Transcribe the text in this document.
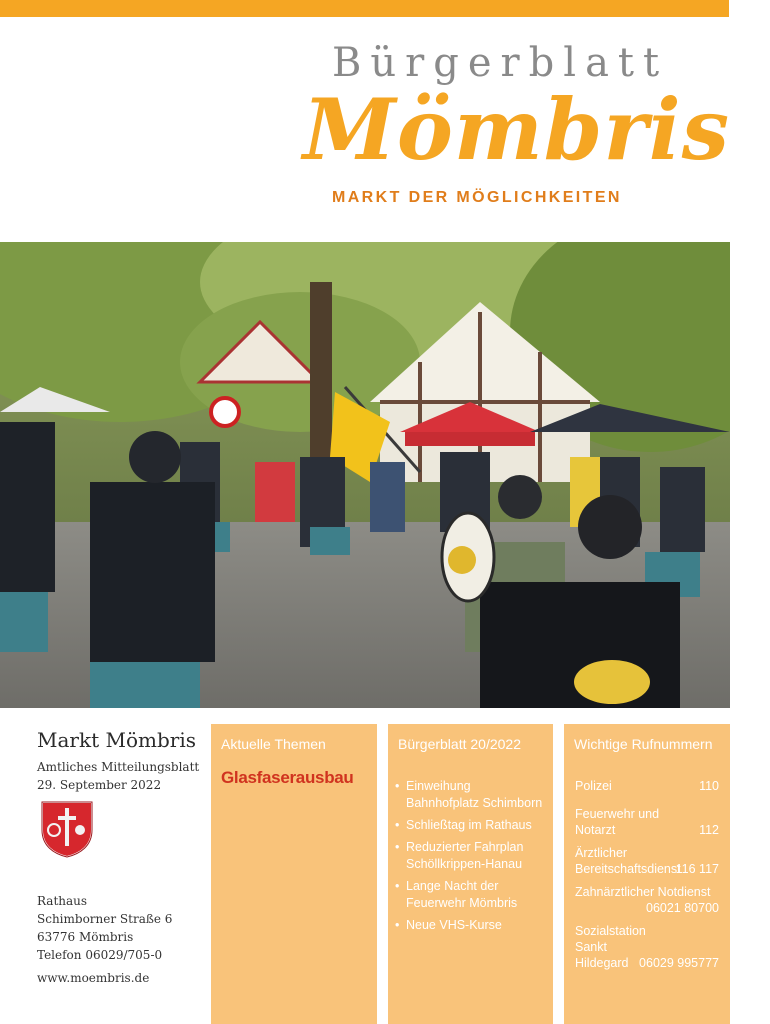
Bürgerblatt
Mömbris
MARKT DER MÖGLICHKEITEN
Markt Mömbris
Amtliches Mitteilungsblatt
29. September 2022
Rathaus
Schimborner Straße 6
63776 Mömbris
Telefon 06029/705-0
www.moembris.de
Aktuelle Themen
Glasfaserausbau
Bürgerblatt 20/2022
• Einweihung Bahnhofplatz Schimborn
• Schließtag im Rathaus
• Reduzierter Fahrplan Schöllkrippen-Hanau
• Lange Nacht der Feuerwehr Mömbris
• Neue VHS-Kurse
Wichtige Rufnummern
Polizei	110
Feuerwehr und Notarzt	112
Ärztlicher Bereitschaftsdienst
116 117
Zahnärztlicher Notdienst
06021 80700
Sozialstation Sankt Hildegard 06029 995777
